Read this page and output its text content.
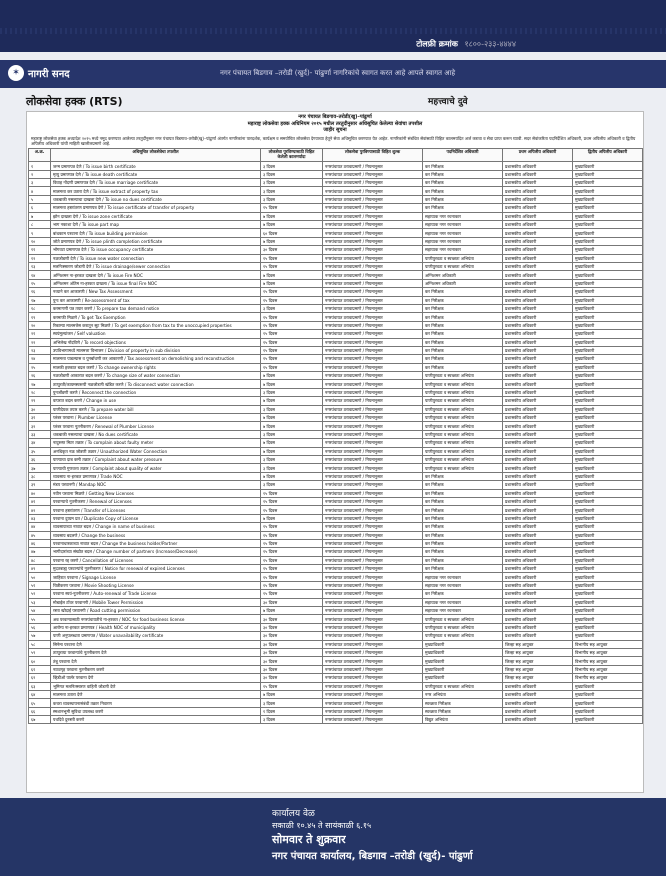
टोलफ्री क्रमांक १८००-२३३-४४४४
✶ नागरी सनद	नगर पंचायत बिडगाव –तरोडी (खुर्द)- पांढुर्णा नागरिकांचे स्वागत करत आहे आपले स्वागत आहे
लोकसेवा हक्क (RTS)	महत्त्वाचे दुवे
नगर पंचायत बिडगाव–तरोडी(खु)–पांढुर्णा
महाराष्ट्र लोकसेवा हक्क अधिनियम २०१५ मधील तरतुदीनुसार अधिसूचित केलेल्या सेवांचा तपशील
जाहीर सूचना
महाराष्ट्र लोकसेवा हक्क अध्यादेश २०१५ मध्ये नमूद करण्यात आलेल्या तरतुदींनुसार नगर पंचायत बिडगाव–तरोडी(खु)–पांढुर्णा अंतर्गत नागरिकांना पारदर्शक, कार्यक्षम व समयोचित लोकसेवा देण्याच्या हेतूने सेवा अधिसूचित करण्यात येत आहेत. नागरिकांनी संबंधित सेवांसाठी विहित कालमर्यादेत अर्ज करावा व सेवा प्राप्त करून घ्यावी. सदर सेवांकरिता पदनिर्देशित अधिकारी, प्रथम अपिलीय अधिकारी व द्वितीय अपिलीय अधिकारी यांची माहिती खालीलप्रमाणे आहे.
अ.क्र.	अधिसूचित लोकसेवेचा तपशील	लोकसेवा पुरविण्यासाठी विहित केलेली कालमर्यादा	लोकसेवा पुरविण्यासाठी विहित शुल्क	पदनिर्देशित अधिकारी	प्रथम अपिलीय अधिकारी	द्वितीय अपिलीय अधिकारी
१	जन्म प्रमाणपत्र देणे / To issue birth certificate	३ दिवस	नगरपंचायत ठरावाप्रमाणे / नियमानुसार	कर निरीक्षक	प्रशासकीय अधिकारी	मुख्याधिकारी
२	मृत्यु प्रमाणपत्र देणे / To issue death certificate	३ दिवस	नगरपंचायत ठरावाप्रमाणे / नियमानुसार	कर निरीक्षक	प्रशासकीय अधिकारी	मुख्याधिकारी
३	विवाह नोंदणी प्रमाणपत्र देणे / To issue marriage certificate	३ दिवस	नगरपंचायत ठरावाप्रमाणे / नियमानुसार	कर निरीक्षक	प्रशासकीय अधिकारी	मुख्याधिकारी
४	मालमत्ता कर उतारा देणे / To issue extract of property tax	३ दिवस	नगरपंचायत ठरावाप्रमाणे / नियमानुसार	कर निरीक्षक	प्रशासकीय अधिकारी	मुख्याधिकारी
५	थकबाकी नसल्याचा दाखला देणे / To issue no dues certificate	३ दिवस	नगरपंचायत ठरावाप्रमाणे / नियमानुसार	कर निरीक्षक	प्रशासकीय अधिकारी	मुख्याधिकारी
६	मालमत्ता हस्तांतरण प्रमाणपत्र देणे / To issue certificate of transfer of property	१५ दिवस	नगरपंचायत ठरावाप्रमाणे / नियमानुसार	कर निरीक्षक	प्रशासकीय अधिकारी	मुख्याधिकारी
७	झोन दाखला देणे / To issue zone certificate	७ दिवस	नगरपंचायत ठरावाप्रमाणे / नियमानुसार	सहाय्यक नगर रचनाकार	प्रशासकीय अधिकारी	मुख्याधिकारी
८	भाग नकाशा देणे / To issue part map	७ दिवस	नगरपंचायत ठरावाप्रमाणे / नियमानुसार	सहाय्यक नगर रचनाकार	प्रशासकीय अधिकारी	मुख्याधिकारी
९	बांधकाम परवाना देणे / To issue building permission	६० दिवस	नगरपंचायत ठरावाप्रमाणे / नियमानुसार	सहाय्यक नगर रचनाकार	प्रशासकीय अधिकारी	मुख्याधिकारी
१०	जोते प्रमाणपत्र देणे / To issue plinth completion certificate	७ दिवस	नगरपंचायत ठरावाप्रमाणे / नियमानुसार	सहाय्यक नगर रचनाकार	प्रशासकीय अधिकारी	मुख्याधिकारी
११	भोगवटा प्रमाणपत्र देणे / To issue occupancy certificate	३० दिवस	नगरपंचायत ठरावाप्रमाणे / नियमानुसार	सहाय्यक नगर रचनाकार	प्रशासकीय अधिकारी	मुख्याधिकारी
१२	नळजोडणी देणे / To issue new water connection	१५ दिवस	नगरपंचायत ठरावाप्रमाणे / नियमानुसार	पाणीपुरवठा व स्वच्छता अभियंता	प्रशासकीय अधिकारी	मुख्याधिकारी
१३	मलनिःस्सारण जोडणी देणे / To issue drainage/sewer connection	१५ दिवस	नगरपंचायत ठरावाप्रमाणे / नियमानुसार	पाणीपुरवठा व स्वच्छता अभियंता	प्रशासकीय अधिकारी	मुख्याधिकारी
१४	अग्निशमन ना-हरकत दाखला देणे / To issue Fire NOC	७ दिवस	नगरपंचायत ठरावाप्रमाणे / नियमानुसार	अग्निशमन अधिकारी	प्रशासकीय अधिकारी	मुख्याधिकारी
१५	अग्निशमन अंतिम ना-हरकत दाखला / To issue final Fire NOC	७ दिवस	नगरपंचायत ठरावाप्रमाणे / नियमानुसार	अग्निशमन अधिकारी	प्रशासकीय अधिकारी	मुख्याधिकारी
१६	नव्याने कर आकारणी / New Tax Assessment	१५ दिवस	नगरपंचायत ठरावाप्रमाणे / नियमानुसार	कर निरीक्षक	प्रशासकीय अधिकारी	मुख्याधिकारी
१७	पुनः कर आकारणी / Re-assessment of tax	१५ दिवस	नगरपंचायत ठरावाप्रमाणे / नियमानुसार	कर निरीक्षक	प्रशासकीय अधिकारी	मुख्याधिकारी
१८	करमागणी पत्र तयार करणे / To prepare tax demand notice	३ दिवस	नगरपंचायत ठरावाप्रमाणे / नियमानुसार	कर निरीक्षक	प्रशासकीय अधिकारी	मुख्याधिकारी
१९	करमाफी मिळणे / To get Tax Exemption	१५ दिवस	नगरपंचायत ठरावाप्रमाणे / नियमानुसार	कर निरीक्षक	प्रशासकीय अधिकारी	मुख्याधिकारी
२०	रिकाम्या मालमत्तेस करातून सूट मिळणे / To get exemption from tax to the unoccupied properties	१५ दिवस	नगरपंचायत ठरावाप्रमाणे / नियमानुसार	कर निरीक्षक	प्रशासकीय अधिकारी	मुख्याधिकारी
२१	स्वयंमूल्यांकन / Self valuation	१५ दिवस	नगरपंचायत ठरावाप्रमाणे / नियमानुसार	कर निरीक्षक	प्रशासकीय अधिकारी	मुख्याधिकारी
२२	अभिलेख नोंदविणे / To record objections	१५ दिवस	नगरपंचायत ठरावाप्रमाणे / नियमानुसार	कर निरीक्षक	प्रशासकीय अधिकारी	मुख्याधिकारी
२३	उपविभागामध्ये मालमत्ता विभाजन / Division of property in sub division	१५ दिवस	नगरपंचायत ठरावाप्रमाणे / नियमानुसार	कर निरीक्षक	प्रशासकीय अधिकारी	मुख्याधिकारी
२४	मालमत्ता पाडल्यास व पुनर्बांधणी कर आकारणी / Tax assessment on demolishing and reconstruction	१५ दिवस	नगरपंचायत ठरावाप्रमाणे / नियमानुसार	कर निरीक्षक	प्रशासकीय अधिकारी	मुख्याधिकारी
२५	मालकी हक्कात बदल करणे / To change ownership rights	१५ दिवस	नगरपंचायत ठरावाप्रमाणे / नियमानुसार	कर निरीक्षक	प्रशासकीय अधिकारी	मुख्याधिकारी
२६	नळजोडणी आकारात बदल करणे / To change size of water connection	७ दिवस	नगरपंचायत ठरावाप्रमाणे / नियमानुसार	पाणीपुरवठा व स्वच्छता अभियंता	प्रशासकीय अधिकारी	मुख्याधिकारी
२७	तात्पुरती/कायमस्वरूपी नळजोडणी खंडित करणे / To disconnect water connection	७ दिवस	नगरपंचायत ठरावाप्रमाणे / नियमानुसार	पाणीपुरवठा व स्वच्छता अभियंता	प्रशासकीय अधिकारी	मुख्याधिकारी
२८	पुनर्जोडणी करणे / Reconnect the connection	३ दिवस	नगरपंचायत ठरावाप्रमाणे / नियमानुसार	पाणीपुरवठा व स्वच्छता अभियंता	प्रशासकीय अधिकारी	मुख्याधिकारी
२९	वापरात बदल करणे / Change in use	७ दिवस	नगरपंचायत ठरावाप्रमाणे / नियमानुसार	पाणीपुरवठा व स्वच्छता अभियंता	प्रशासकीय अधिकारी	मुख्याधिकारी
३०	पाणीदेयक तयार करणे / To prepare water bill	३ दिवस	नगरपंचायत ठरावाप्रमाणे / नियमानुसार	पाणीपुरवठा व स्वच्छता अभियंता	प्रशासकीय अधिकारी	मुख्याधिकारी
३१	प्लंबर परवाना / Plumber License	७ दिवस	नगरपंचायत ठरावाप्रमाणे / नियमानुसार	पाणीपुरवठा व स्वच्छता अभियंता	प्रशासकीय अधिकारी	मुख्याधिकारी
३२	प्लंबर परवाना नूतनीकरण / Renewal of Plumber License	७ दिवस	नगरपंचायत ठरावाप्रमाणे / नियमानुसार	पाणीपुरवठा व स्वच्छता अभियंता	प्रशासकीय अधिकारी	मुख्याधिकारी
३३	थकबाकी नसल्याचा दाखला / No dues certificate	३ दिवस	नगरपंचायत ठरावाप्रमाणे / नियमानुसार	पाणीपुरवठा व स्वच्छता अभियंता	प्रशासकीय अधिकारी	मुख्याधिकारी
३४	नादुरुस्त मिटर तक्रार / To complain about faulty meter	७ दिवस	नगरपंचायत ठरावाप्रमाणे / नियमानुसार	पाणीपुरवठा व स्वच्छता अभियंता	प्रशासकीय अधिकारी	मुख्याधिकारी
३५	अनधिकृत नळ जोडणी तक्रार / Unauthorized Water Connection	७ दिवस	नगरपंचायत ठरावाप्रमाणे / नियमानुसार	पाणीपुरवठा व स्वच्छता अभियंता	प्रशासकीय अधिकारी	मुख्याधिकारी
३६	पाण्याचा दाब कमी तक्रार / Complaint about water pressure	३ दिवस	नगरपंचायत ठरावाप्रमाणे / नियमानुसार	पाणीपुरवठा व स्वच्छता अभियंता	प्रशासकीय अधिकारी	मुख्याधिकारी
३७	पाण्याची गुणवत्ता तक्रार / Complaint about quality of water	३ दिवस	नगरपंचायत ठरावाप्रमाणे / नियमानुसार	पाणीपुरवठा व स्वच्छता अभियंता	प्रशासकीय अधिकारी	मुख्याधिकारी
३८	व्यवसाय ना-हरकत प्रमाणपत्र / Trade NOC	७ दिवस	नगरपंचायत ठरावाप्रमाणे / नियमानुसार	कर निरीक्षक	प्रशासकीय अधिकारी	मुख्याधिकारी
३९	मंडप परवानगी / Mandap NOC	३ दिवस	नगरपंचायत ठरावाप्रमाणे / नियमानुसार	कर निरीक्षक	प्रशासकीय अधिकारी	मुख्याधिकारी
४०	नवीन परवाना मिळणे / Getting New Licenses	१५ दिवस	नगरपंचायत ठरावाप्रमाणे / नियमानुसार	कर निरीक्षक	प्रशासकीय अधिकारी	मुख्याधिकारी
४१	परवान्याचे नूतनीकरण / Renewal of Licenses	१५ दिवस	नगरपंचायत ठरावाप्रमाणे / नियमानुसार	कर निरीक्षक	प्रशासकीय अधिकारी	मुख्याधिकारी
४२	परवाना हस्तांतरण / Transfer of Licenses	१५ दिवस	नगरपंचायत ठरावाप्रमाणे / नियमानुसार	कर निरीक्षक	प्रशासकीय अधिकारी	मुख्याधिकारी
४३	परवाना दुय्यम प्रत / Duplicate Copy of License	७ दिवस	नगरपंचायत ठरावाप्रमाणे / नियमानुसार	कर निरीक्षक	प्रशासकीय अधिकारी	मुख्याधिकारी
४४	व्यवसायाच्या नावात बदल / Change in name of business	१५ दिवस	नगरपंचायत ठरावाप्रमाणे / नियमानुसार	कर निरीक्षक	प्रशासकीय अधिकारी	मुख्याधिकारी
४५	व्यवसाय बदलणे / Change the business	१५ दिवस	नगरपंचायत ठरावाप्रमाणे / नियमानुसार	कर निरीक्षक	प्रशासकीय अधिकारी	मुख्याधिकारी
४६	परवानाधारकाच्या नावात बदल / Change the business holder/Partner	१५ दिवस	नगरपंचायत ठरावाप्रमाणे / नियमानुसार	कर निरीक्षक	प्रशासकीय अधिकारी	मुख्याधिकारी
४७	भागीदारांच्या संख्येत बदल / Change number of partners (Increase/Decrease)	१५ दिवस	नगरपंचायत ठरावाप्रमाणे / नियमानुसार	कर निरीक्षक	प्रशासकीय अधिकारी	मुख्याधिकारी
४८	परवाना रद्द करणे / Cancellation of Licenses	१५ दिवस	नगरपंचायत ठरावाप्रमाणे / नियमानुसार	कर निरीक्षक	प्रशासकीय अधिकारी	मुख्याधिकारी
४९	मुदतबाह्य परवान्यांचे नूतनीकरण / Notice for renewal of expired Licenses	१५ दिवस	नगरपंचायत ठरावाप्रमाणे / नियमानुसार	कर निरीक्षक	प्रशासकीय अधिकारी	मुख्याधिकारी
५०	जाहिरात परवाना / Signage License	१५ दिवस	नगरपंचायत ठरावाप्रमाणे / नियमानुसार	सहाय्यक नगर रचनाकार	प्रशासकीय अधिकारी	मुख्याधिकारी
५१	चित्रीकरण परवाना / Movie Shooting License	१५ दिवस	नगरपंचायत ठरावाप्रमाणे / नियमानुसार	सहाय्यक नगर रचनाकार	प्रशासकीय अधिकारी	मुख्याधिकारी
५२	परवाना स्वयं-नूतनीकरण / Auto-renewal of Trade License	१५ दिवस	नगरपंचायत ठरावाप्रमाणे / नियमानुसार	कर निरीक्षक	प्रशासकीय अधिकारी	मुख्याधिकारी
५३	मोबाईल टॉवर परवानगी / Mobile Tower Permission	३० दिवस	नगरपंचायत ठरावाप्रमाणे / नियमानुसार	सहाय्यक नगर रचनाकार	प्रशासकीय अधिकारी	मुख्याधिकारी
५४	रस्ता खोदाई परवानगी / Road cutting permission	७ दिवस	नगरपंचायत ठरावाप्रमाणे / नियमानुसार	सहाय्यक नगर रचनाकार	प्रशासकीय अधिकारी	मुख्याधिकारी
५५	अन्न परवान्यासाठी नगरपंचायतीचे ना-हरकत / NOC for food business license	३० दिवस	नगरपंचायत ठरावाप्रमाणे / नियमानुसार	पाणीपुरवठा व स्वच्छता अभियंता	प्रशासकीय अधिकारी	मुख्याधिकारी
५६	आरोग्य ना-हरकत प्रमाणपत्र / Health NOC of municipality	३० दिवस	नगरपंचायत ठरावाप्रमाणे / नियमानुसार	पाणीपुरवठा व स्वच्छता अभियंता	प्रशासकीय अधिकारी	मुख्याधिकारी
५७	पाणी अनुपलब्धता प्रमाणपत्र / Water unavailability certificate	३० दिवस	नगरपंचायत ठरावाप्रमाणे / नियमानुसार	पाणीपुरवठा व स्वच्छता अभियंता	प्रशासकीय अधिकारी	मुख्याधिकारी
५८	सिनेमा परवाना देणे	३० दिवस	नगरपंचायत ठरावाप्रमाणे / नियमानुसार	मुख्याधिकारी	जिल्हा सह आयुक्त	विभागीय सह आयुक्त
५९	तात्पुरत्या परवान्यांचे नूतनीकरण देणे	३० दिवस	नगरपंचायत ठरावाप्रमाणे / नियमानुसार	मुख्याधिकारी	जिल्हा सह आयुक्त	विभागीय सह आयुक्त
६०	तंबू परवाना देणे	३० दिवस	नगरपंचायत ठरावाप्रमाणे / नियमानुसार	मुख्याधिकारी	जिल्हा सह आयुक्त	विभागीय सह आयुक्त
६१	नाट्यगृह परवाना नूतनीकरण करणे	३० दिवस	नगरपंचायत ठरावाप्रमाणे / नियमानुसार	मुख्याधिकारी	जिल्हा सह आयुक्त	विभागीय सह आयुक्त
६२	व्हिडीओ पार्लर परवाना देणे	३० दिवस	नगरपंचायत ठरावाप्रमाणे / नियमानुसार	मुख्याधिकारी	जिल्हा सह आयुक्त	विभागीय सह आयुक्त
६३	भूमिगत मलनिःस्सारण वाहिनी जोडणी देणे	१५ दिवस	नगरपंचायत ठरावाप्रमाणे / नियमानुसार	पाणीपुरवठा व स्वच्छता अभियंता	प्रशासकीय अधिकारी	मुख्याधिकारी
६४	मालमत्ता उतारा देणे	७ दिवस	नगरपंचायत ठरावाप्रमाणे / नियमानुसार	नगर अभियंता	प्रशासकीय अधिकारी	मुख्याधिकारी
६५	कचरा व्यवस्थापनासंबंधी तक्रार निवारण	३ दिवस	नगरपंचायत ठरावाप्रमाणे / नियमानुसार	स्वच्छता निरीक्षक	प्रशासकीय अधिकारी	मुख्याधिकारी
६६	स्मशानभूमी सुविधा उपलब्ध करणे	१ दिवस	नगरपंचायत ठरावाप्रमाणे / नियमानुसार	स्वच्छता निरीक्षक	प्रशासकीय अधिकारी	मुख्याधिकारी
६७	पथदिवे दुरुस्ती करणे	३ दिवस	नगरपंचायत ठरावाप्रमाणे / नियमानुसार	विद्युत अभियंता	प्रशासकीय अधिकारी	मुख्याधिकारी
कार्यालय वेळ
सकाळी १०.४५ ते सायंकाळी ६.१५
सोमवार ते शुक्रवार
नगर पंचायत कार्यालय, बिडगाव –तरोडी (खुर्द)- पांढुर्णा
